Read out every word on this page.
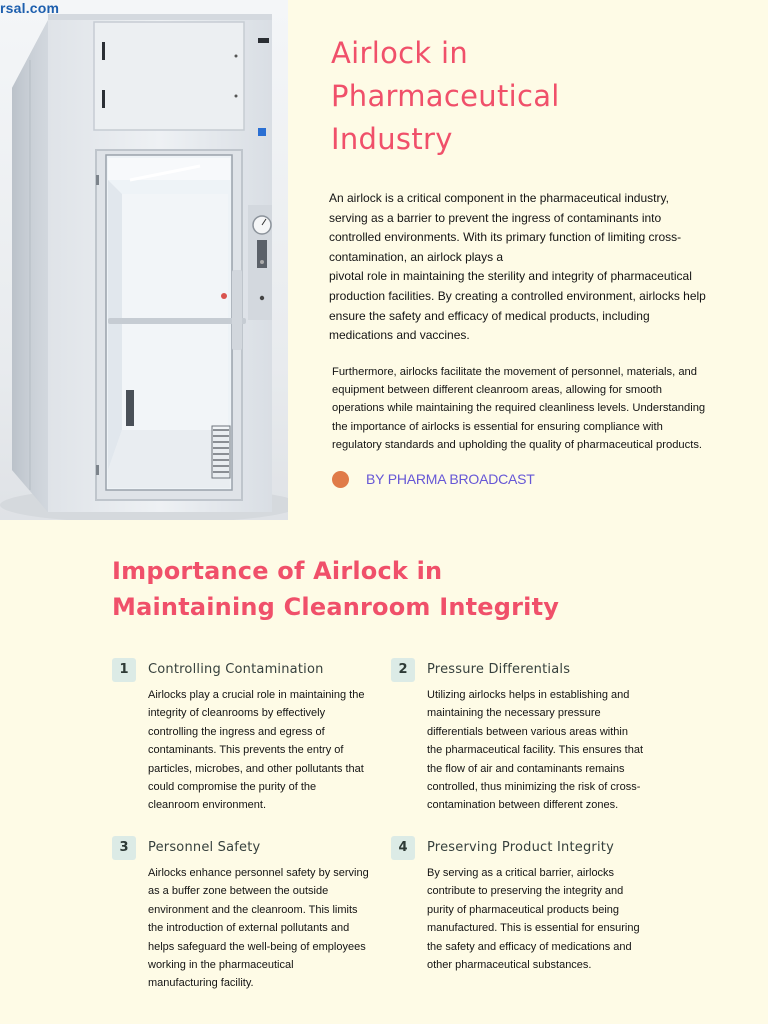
rsal.com
Airlock in
Pharmaceutical
Industry
An airlock is a critical component in the pharmaceutical industry,
serving as a barrier to prevent the ingress of contaminants into
controlled environments. With its primary function of limiting cross-
contamination, an airlock plays a
pivotal role in maintaining the sterility and integrity of pharmaceutical
production facilities. By creating a controlled environment, airlocks help
ensure the safety and efficacy of medical products, including
medications and vaccines.
Furthermore, airlocks facilitate the movement of personnel, materials, and
equipment between different cleanroom areas, allowing for smooth
operations while maintaining the required cleanliness levels. Understanding
the importance of airlocks is essential for ensuring compliance with
regulatory standards and upholding the quality of pharmaceutical products.
BY PHARMA BROADCAST
Importance of Airlock in
Maintaining Cleanroom Integrity
1	Controlling Contamination

Airlocks play a crucial role in maintaining the
integrity of cleanrooms by effectively
controlling the ingress and egress of
contaminants. This prevents the entry of
particles, microbes, and other pollutants that
could compromise the purity of the
cleanroom environment.

2	Pressure Differentials

Utilizing airlocks helps in establishing and
maintaining the necessary pressure
differentials between various areas within
the pharmaceutical facility. This ensures that
the flow of air and contaminants remains
controlled, thus minimizing the risk of cross-
contamination between different zones.

3	Personnel Safety

Airlocks enhance personnel safety by serving
as a buffer zone between the outside
environment and the cleanroom. This limits
the introduction of external pollutants and
helps safeguard the well-being of employees
working in the pharmaceutical
manufacturing facility.

4	Preserving Product Integrity

By serving as a critical barrier, airlocks
contribute to preserving the integrity and
purity of pharmaceutical products being
manufactured. This is essential for ensuring
the safety and efficacy of medications and
other pharmaceutical substances.
